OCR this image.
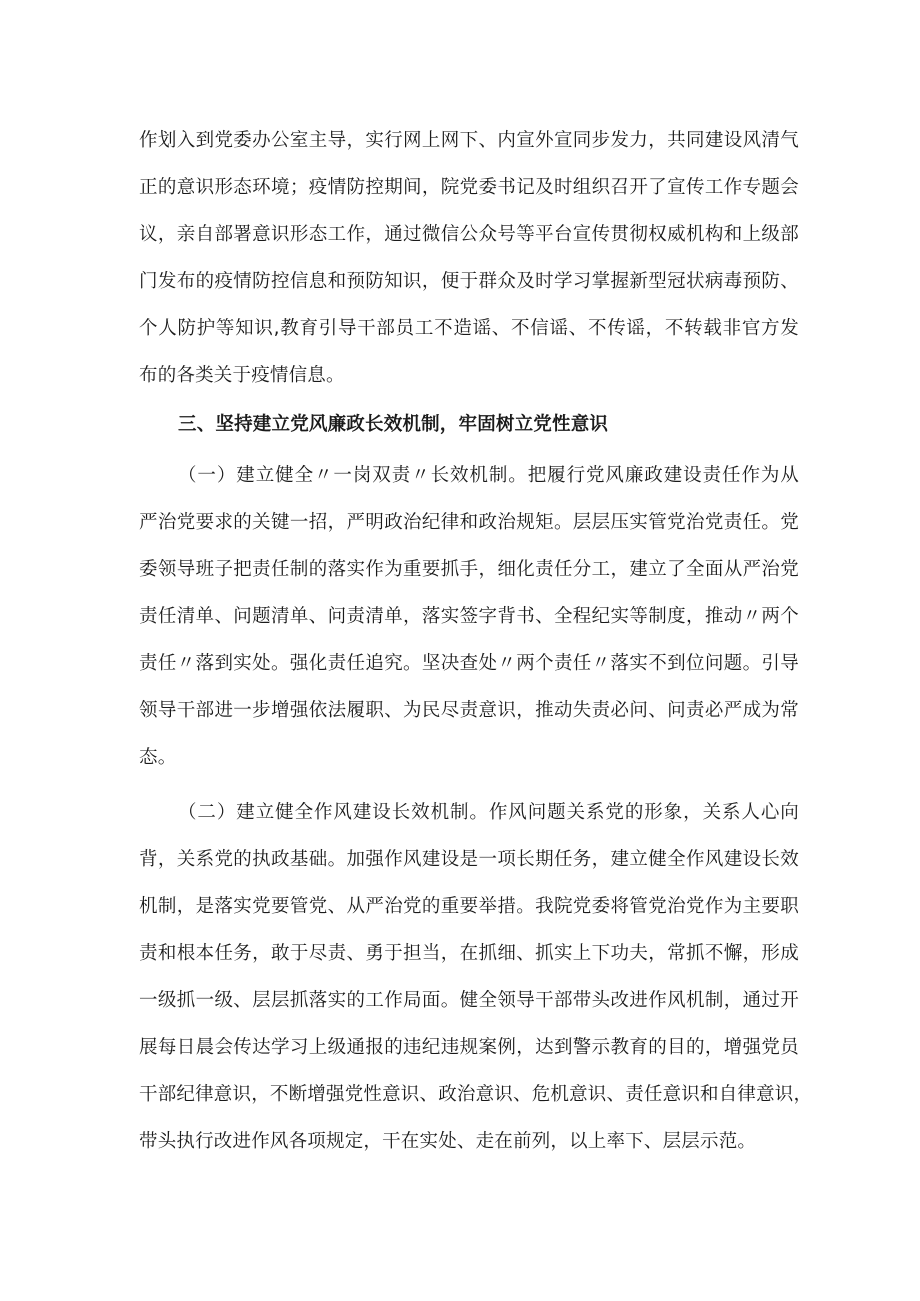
作划入到党委办公室主导，实行网上网下、内宣外宣同步发力，共同建设风清气
正的意识形态环境；疫情防控期间，院党委书记及时组织召开了宣传工作专题会
议，亲自部署意识形态工作，通过微信公众号等平台宣传贯彻权威机构和上级部
门发布的疫情防控信息和预防知识，便于群众及时学习掌握新型冠状病毒预防、
个人防护等知识,教育引导干部员工不造谣、不信谣、不传谣，不转载非官方发
布的各类关于疫情信息。
三、坚持建立党风廉政长效机制，牢固树立党性意识
（一）建立健全〃一岗双责〃长效机制。把履行党风廉政建设责任作为从
严治党要求的关键一招，严明政治纪律和政治规矩。层层压实管党治党责任。党
委领导班子把责任制的落实作为重要抓手，细化责任分工，建立了全面从严治党
责任清单、问题清单、问责清单，落实签字背书、全程纪实等制度，推动〃两个
责任〃落到实处。强化责任追究。坚决查处〃两个责任〃落实不到位问题。引导
领导干部进一步增强依法履职、为民尽责意识，推动失责必问、问责必严成为常
态。
（二）建立健全作风建设长效机制。作风问题关系党的形象，关系人心向
背，关系党的执政基础。加强作风建设是一项长期任务，建立健全作风建设长效
机制，是落实党要管党、从严治党的重要举措。我院党委将管党治党作为主要职
责和根本任务，敢于尽责、勇于担当，在抓细、抓实上下功夫，常抓不懈，形成
一级抓一级、层层抓落实的工作局面。健全领导干部带头改进作风机制，通过开
展每日晨会传达学习上级通报的违纪违规案例，达到警示教育的目的，增强党员
干部纪律意识，不断增强党性意识、政治意识、危机意识、责任意识和自律意识，
带头执行改进作风各项规定，干在实处、走在前列，以上率下、层层示范。
